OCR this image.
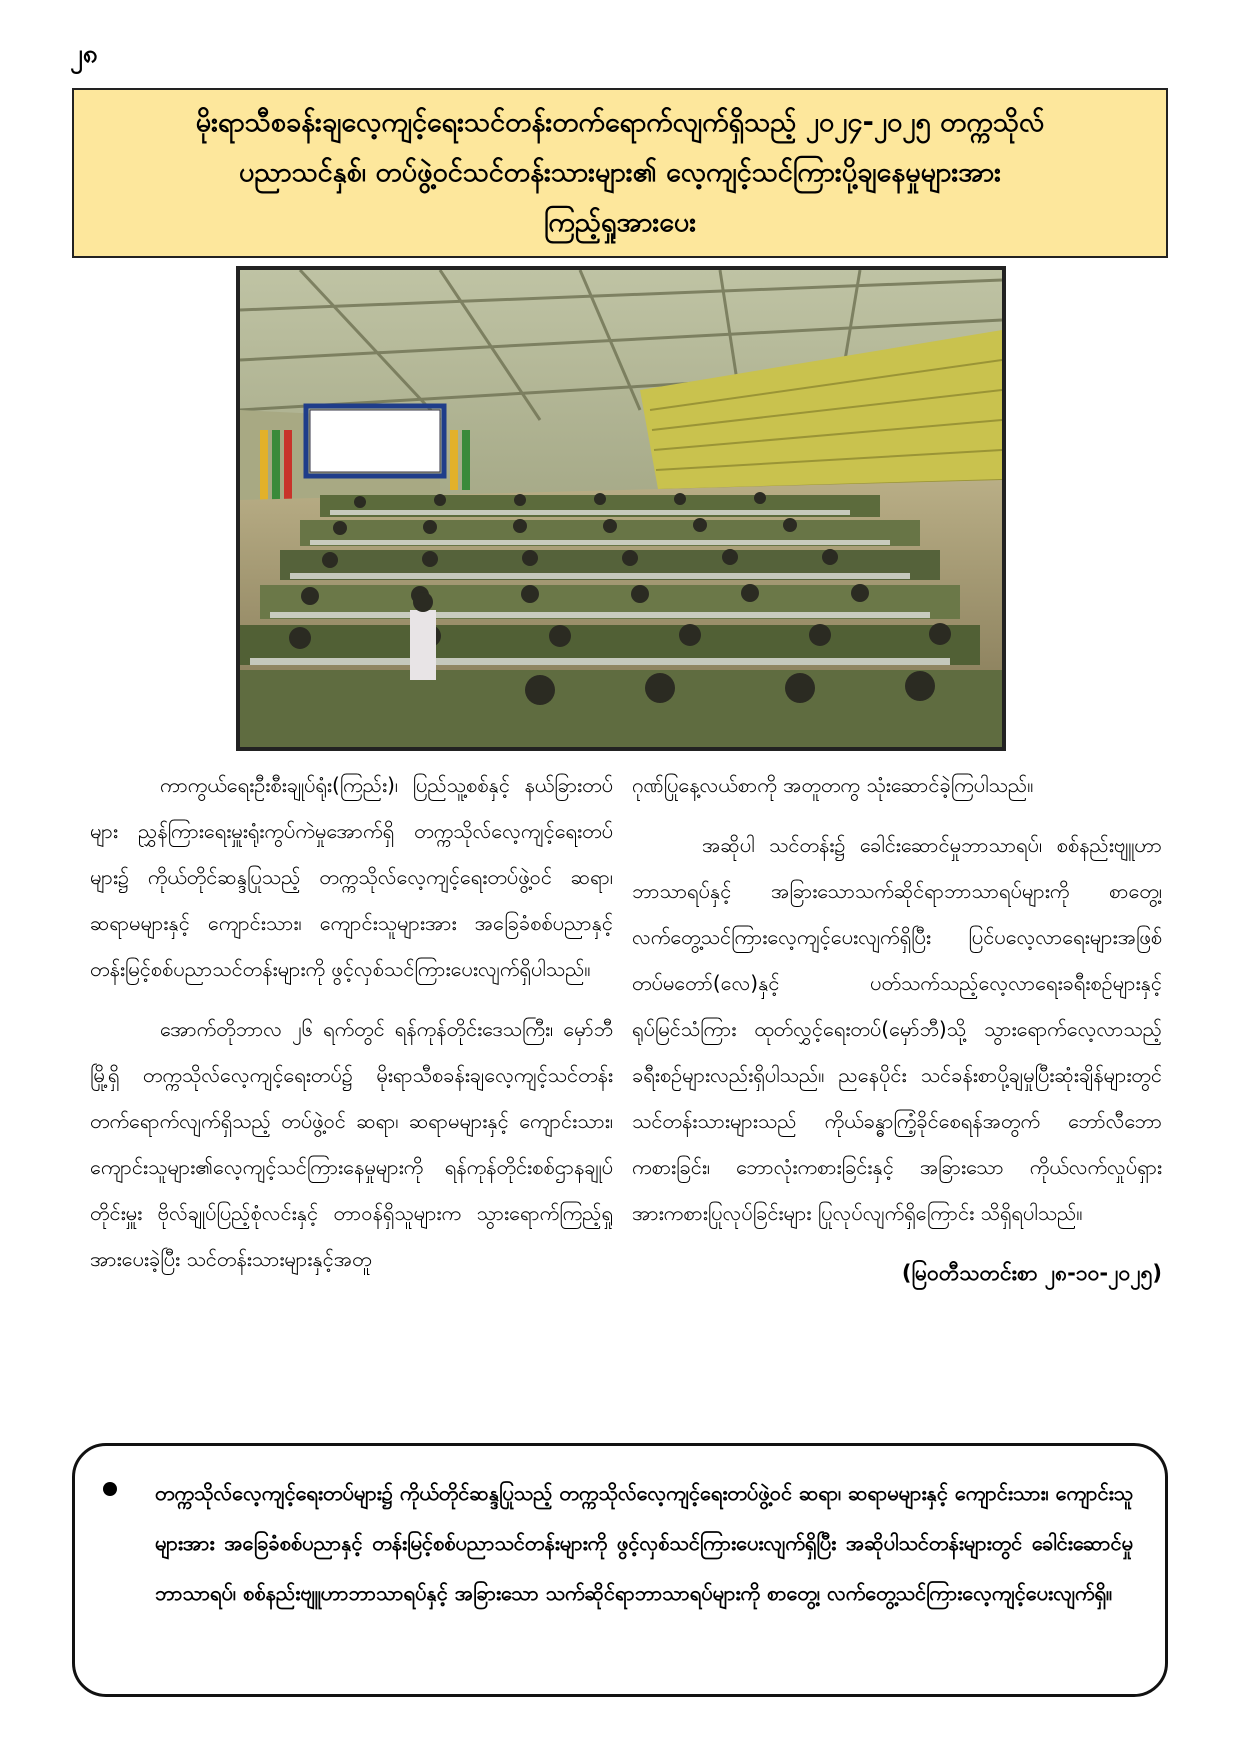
၂၈
မိုးရာသီစခန်းချလေ့ကျင့်ရေးသင်တန်းတက်ရောက်လျက်ရှိသည့် ၂၀၂၄-၂၀၂၅ တက္ကသိုလ်
ပညာသင်နှစ်၊ တပ်ဖွဲ့ဝင်သင်တန်းသားများ၏ လေ့ကျင့်သင်ကြားပို့ချနေမှုများအား
ကြည့်ရှုအားပေး

ကာကွယ်ရေးဦးစီးချုပ်ရုံး(ကြည်း)၊ ပြည်သူ့စစ်နှင့် နယ်ခြားတပ်များ ညွှန်ကြားရေးမှူးရုံးကွပ်ကဲမှုအောက်ရှိ တက္ကသိုလ်လေ့ကျင့်ရေးတပ်များ၌ ကိုယ်တိုင်ဆန္ဒပြုသည့် တက္ကသိုလ်လေ့ကျင့်ရေးတပ်ဖွဲ့ဝင် ဆရာ၊ ဆရာမများနှင့် ကျောင်းသား၊ ကျောင်းသူများအား အခြေခံစစ်ပညာနှင့် တန်းမြင့်စစ်ပညာသင်တန်းများကို ဖွင့်လှစ်သင်ကြားပေးလျက်ရှိပါသည်။

အောက်တိုဘာလ ၂၆ ရက်တွင် ရန်ကုန်တိုင်းဒေသကြီး၊ မှော်ဘီမြို့ရှိ တက္ကသိုလ်လေ့ကျင့်ရေးတပ်၌ မိုးရာသီစခန်းချလေ့ကျင့်သင်တန်း တက်ရောက်လျက်ရှိသည့် တပ်ဖွဲ့ဝင် ဆရာ၊ ဆရာမများနှင့် ကျောင်းသား၊ ကျောင်းသူများ၏လေ့ကျင့်သင်ကြားနေမှုများကို ရန်ကုန်တိုင်းစစ်ဌာနချုပ် တိုင်းမှူး ဗိုလ်ချုပ်ပြည့်စုံလင်းနှင့် တာဝန်ရှိသူများက သွားရောက်ကြည့်ရှုအားပေးခဲ့ပြီး သင်တန်းသားများနှင့်အတူ

ဂုဏ်ပြုနေ့လယ်စာကို အတူတကွ သုံးဆောင်ခဲ့ကြပါသည်။

အဆိုပါ သင်တန်း၌ ခေါင်းဆောင်မှုဘာသာရပ်၊ စစ်နည်းဗျူဟာဘာသာရပ်နှင့် အခြားသောသက်ဆိုင်ရာဘာသာရပ်များကို စာတွေ့၊ လက်တွေ့သင်ကြားလေ့ကျင့်ပေးလျက်ရှိပြီး ပြင်ပလေ့လာရေးများအဖြစ် တပ်မတော်(လေ)နှင့် ပတ်သက်သည့်လေ့လာရေးခရီးစဉ်များနှင့် ရုပ်မြင်သံကြား ထုတ်လွှင့်ရေးတပ်(မှော်ဘီ)သို့ သွားရောက်လေ့လာသည့် ခရီးစဉ်များလည်းရှိပါသည်။ ညနေပိုင်း သင်ခန်းစာပို့ချမှုပြီးဆုံးချိန်များတွင် သင်တန်းသားများသည် ကိုယ်ခန္ဓာကြံ့ခိုင်စေရန်အတွက် ဘော်လီဘောကစားခြင်း၊ ဘောလုံးကစားခြင်းနှင့် အခြားသော ကိုယ်လက်လှုပ်ရှား အားကစားပြုလုပ်ခြင်းများ ပြုလုပ်လျက်ရှိကြောင်း သိရှိရပါသည်။

(မြဝတီသတင်းစာ ၂၈-၁၀-၂၀၂၅)
တက္ကသိုလ်လေ့ကျင့်ရေးတပ်များ၌ ကိုယ်တိုင်ဆန္ဒပြုသည့် တက္ကသိုလ်လေ့ကျင့်ရေးတပ်ဖွဲ့ဝင် ဆရာ၊ ဆရာမများနှင့် ကျောင်းသား၊ ကျောင်းသူများအား အခြေခံစစ်ပညာနှင့် တန်းမြင့်စစ်ပညာသင်တန်းများကို ဖွင့်လှစ်သင်ကြားပေးလျက်ရှိပြီး အဆိုပါသင်တန်းများတွင် ခေါင်းဆောင်မှု ဘာသာရပ်၊ စစ်နည်းဗျူဟာဘာသာရပ်နှင့် အခြားသော သက်ဆိုင်ရာဘာသာရပ်များကို စာတွေ့၊ လက်တွေ့သင်ကြားလေ့ကျင့်ပေးလျက်ရှိ။
